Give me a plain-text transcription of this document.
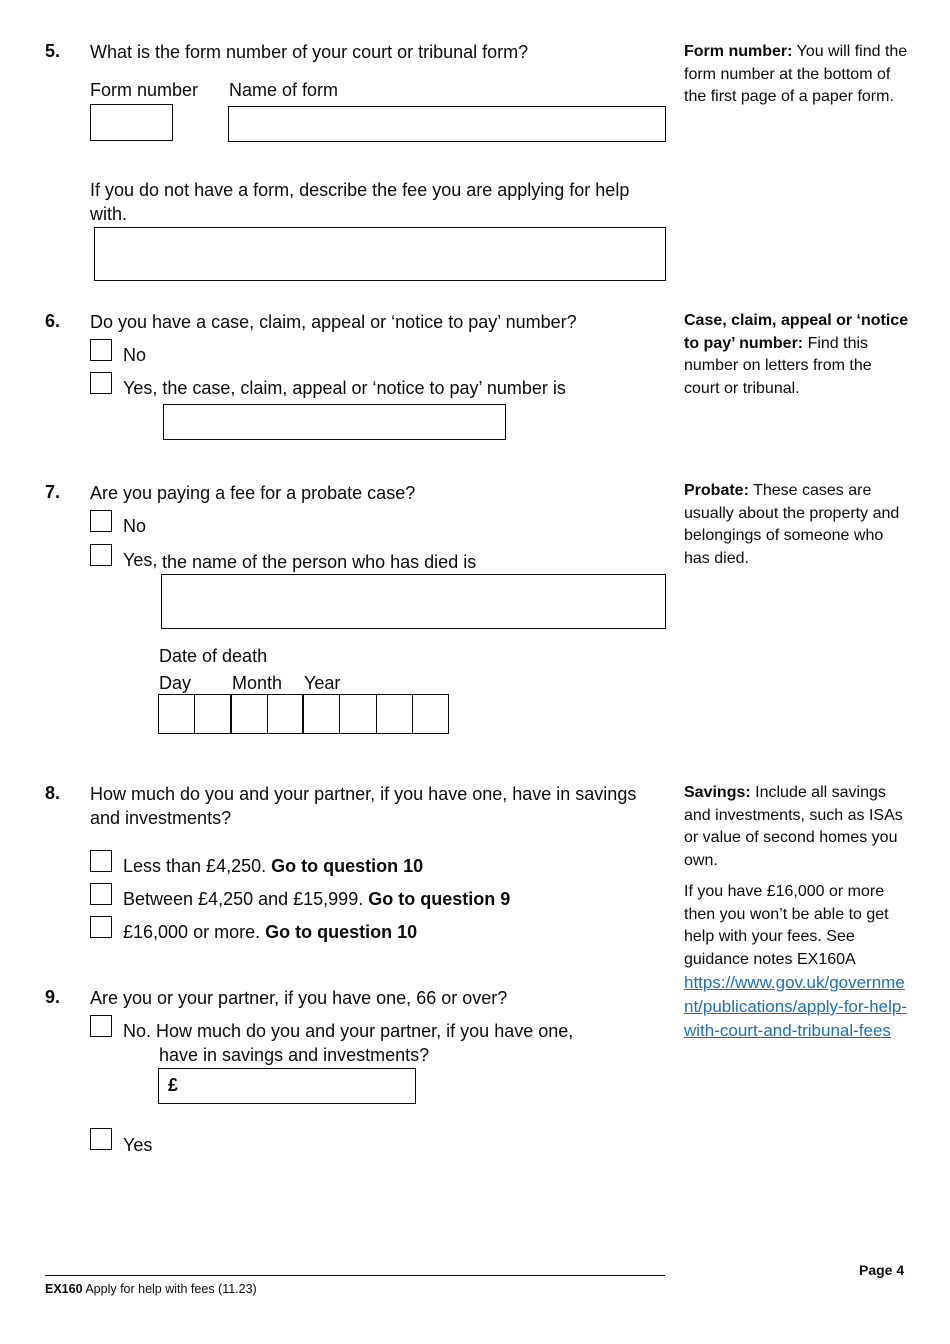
5. What is the form number of your court or tribunal form?
Form number Name of form
If you do not have a form, describe the fee you are applying for help with.
Form number: You will find the form number at the bottom of the first page of a paper form.
6. Do you have a case, claim, appeal or ‘notice to pay’ number?
No
Yes, the case, claim, appeal or ‘notice to pay’ number is
Case, claim, appeal or ‘notice to pay’ number: Find this number on letters from the court or tribunal.
7. Are you paying a fee for a probate case?
No
Yes, the name of the person who has died is
Date of death
Day Month Year
Probate: These cases are usually about the property and belongings of someone who has died.
8. How much do you and your partner, if you have one, have in savings and investments?
Less than £4,250. Go to question 10
Between £4,250 and £15,999. Go to question 9
£16,000 or more. Go to question 10
Savings: Include all savings and investments, such as ISAs or value of second homes you own.
If you have £16,000 or more then you won’t be able to get help with your fees. See guidance notes EX160A
https://www.gov.uk/government/publications/apply-for-help-with-court-and-tribunal-fees
9. Are you or your partner, if you have one, 66 or over?
No. How much do you and your partner, if you have one,
have in savings and investments?
£
Yes
EX160 Apply for help with fees (11.23)
Page 4
